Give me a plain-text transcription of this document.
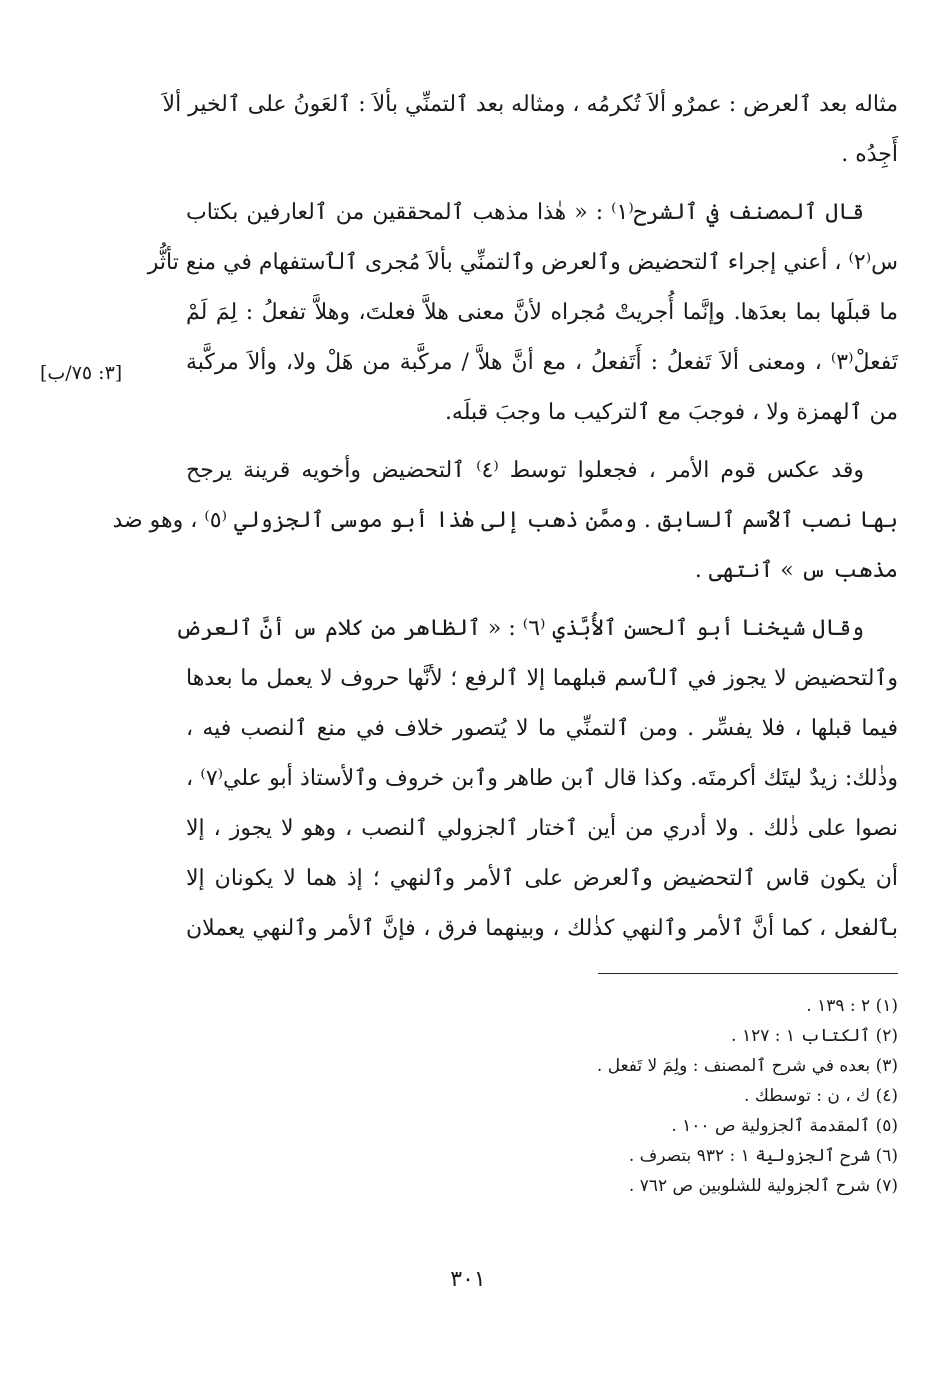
مثاله بعد ٱلعرض : عمرٌو ألاَ تُكرمُه ، ومثاله بعد ٱلتمنِّي بألاَ : ٱلعَونُ على ٱلخير ألاَ
أَجِدُه .

قال ٱلمصنف في ٱلشرح⁽١⁾ : « هٰذا مذهب ٱلمحققين من ٱلعارفين بكتاب
س⁽٢⁾ ، أعني إجراء ٱلتحضيض وٱلعرض وٱلتمنِّي بألاَ مُجرى ٱلٱستفهام في منع تأثُّر
ما قبلَها بما بعدَها. وإنَّما أُجريتْ مُجراه لأنَّ معنى هلاَّ فعلتَ، وهلاَّ تفعلُ : لِمَ لَمْ
تَفعلْ⁽٣⁾ ، ومعنى ألاَ تَفعلُ : أَتَفعلُ ، مع أنَّ هلاَّ / مركَّبة من هَلْ ولا، وألاَ مركَّبة
من ٱلهمزة ولا ، فوجبَ مع ٱلتركيب ما وجبَ قبلَه.

وقد عكس قوم الأمر ، فجعلوا توسط ⁽٤⁾ ٱلتحضيض وأخويه قرينة يرجح
بها نصب ٱلٱسم ٱلسابق . وممَّن ذهب إلى هٰذا أبو موسى ٱلجزولي ⁽٥⁾ ، وهو ضد
مذهب س » ٱنتهى .

وقال شيخنا أبو ٱلحسن ٱلأُبَّذي ⁽٦⁾ : « ٱلظاهر من كلام س أنَّ ٱلعرض
وٱلتحضيض لا يجوز في ٱلٱسم قبلهما إلا ٱلرفع ؛ لأنَّها حروف لا يعمل ما بعدها
فيما قبلها ، فلا يفسِّر . ومن ٱلتمنِّي ما لا يُتصور خلاف في منع ٱلنصب فيه ،
وذٰلك: زيدٌ ليتَك أكرمتَه. وكذا قال ٱبن طاهر وٱبن خروف وٱلأستاذ أبو علي⁽٧⁾ ،
نصوا على ذٰلك . ولا أدري من أين ٱختار ٱلجزولي ٱلنصب ، وهو لا يجوز ، إلا
أن يكون قاس ٱلتحضيض وٱلعرض على ٱلأمر وٱلنهي ؛ إذ هما لا يكونان إلا
بٱلفعل ، كما أنَّ ٱلأمر وٱلنهي كذٰلك ، وبينهما فرق ، فإنَّ ٱلأمر وٱلنهي يعملان

[٣: ٧٥/ب]
(١) ٢ : ١٣٩ .
(٢) ٱلكتاب ١ : ١٢٧ .
(٣) بعده في شرح ٱلمصنف : ولِمَ لا تَفعل .
(٤) ك ، ن : توسطك .
(٥) ٱلمقدمة ٱلجزولية ص ١٠٠ .
(٦) شرح ٱلجزولية ١ : ٩٣٢ بتصرف .
(٧) شرح ٱلجزولية للشلوبين ص ٧٦٢ .
٣٠١
